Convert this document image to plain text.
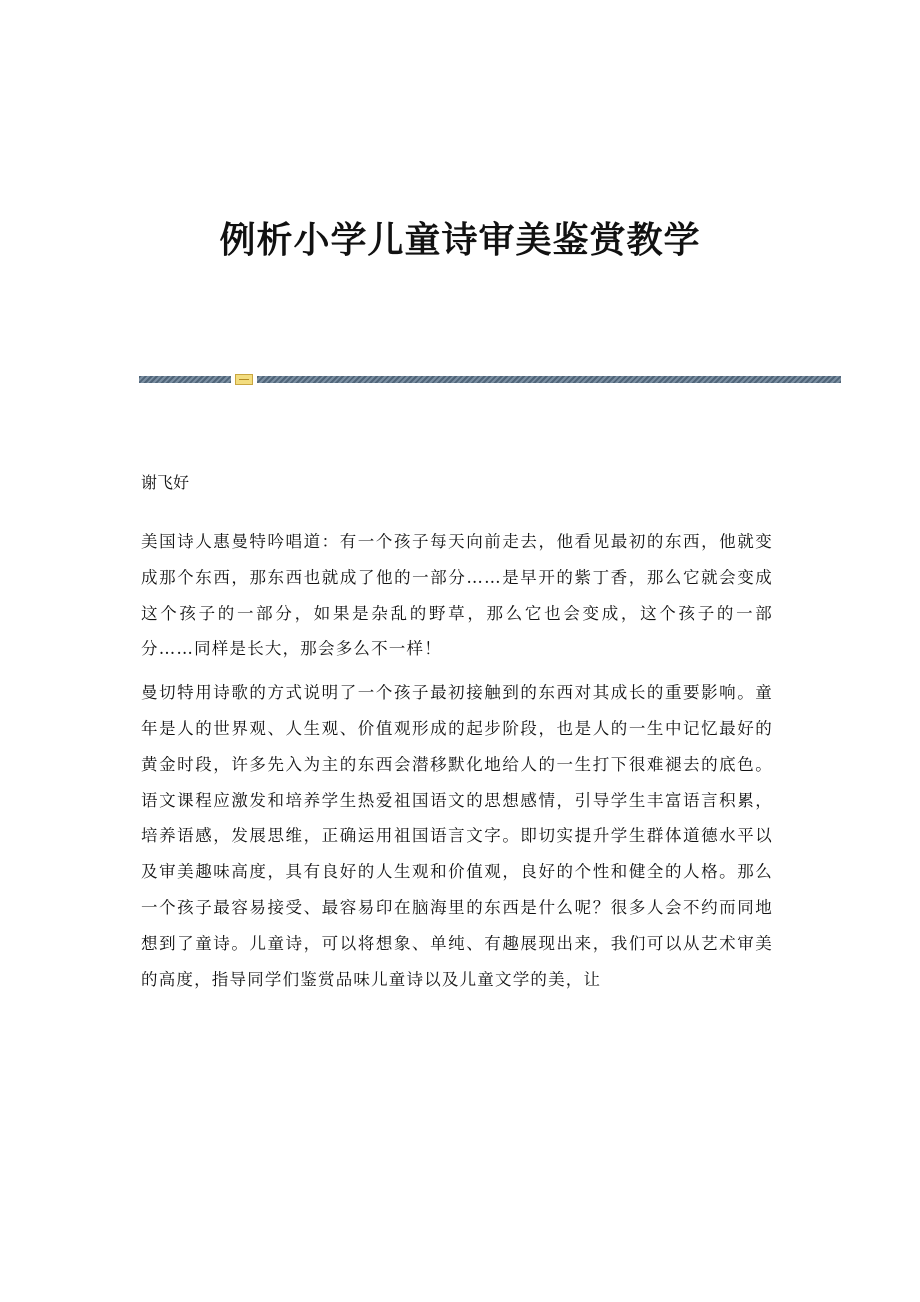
例析小学儿童诗审美鉴赏教学

谢飞好

美国诗人惠曼特吟唱道：有一个孩子每天向前走去，他看见最初的东西，他就变成那个东西，那东西也就成了他的一部分……是早开的紫丁香，那么它就会变成这个孩子的一部分，如果是杂乱的野草，那么它也会变成，这个孩子的一部分……同样是长大，那会多么不一样！

曼切特用诗歌的方式说明了一个孩子最初接触到的东西对其成长的重要影响。童年是人的世界观、人生观、价值观形成的起步阶段，也是人的一生中记忆最好的黄金时段，许多先入为主的东西会潜移默化地给人的一生打下很难褪去的底色。语文课程应激发和培养学生热爱祖国语文的思想感情，引导学生丰富语言积累，培养语感，发展思维，正确运用祖国语言文字。即切实提升学生群体道德水平以及审美趣味高度，具有良好的人生观和价值观，良好的个性和健全的人格。那么一个孩子最容易接受、最容易印在脑海里的东西是什么呢？很多人会不约而同地想到了童诗。儿童诗，可以将想象、单纯、有趣展现出来，我们可以从艺术审美的高度，指导同学们鉴赏品味儿童诗以及儿童文学的美，让
